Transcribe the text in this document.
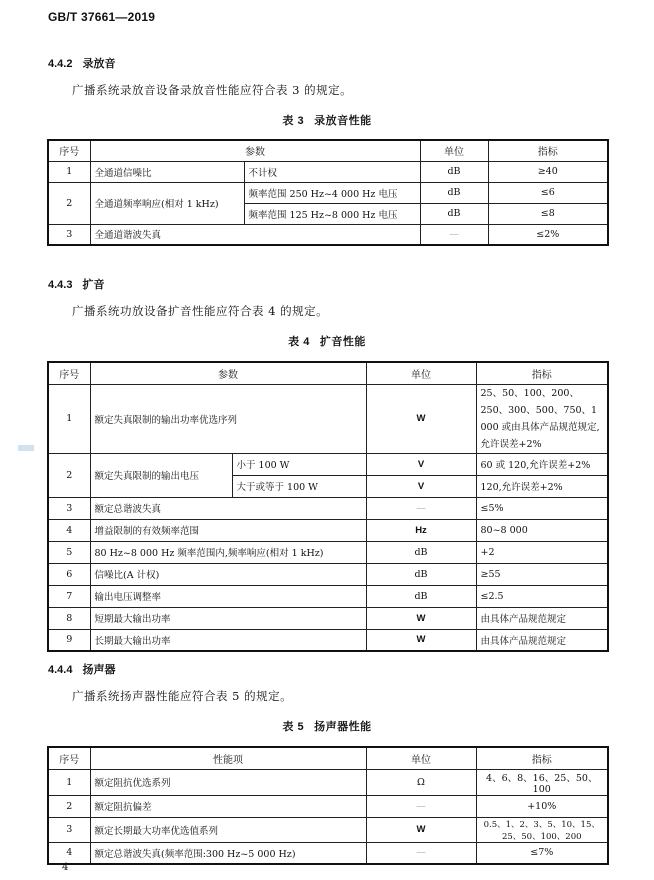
GB/T 37661—2019
4.4.2 录放音
广播系统录放音设备录放音性能应符合表 3 的规定。
表 3 录放音性能
序号	参数		单位	指标
1	全通道信噪比	不计权	dB	≥40
2	全通道频率响应(相对 1 kHz)	频率范围 250 Hz~4 000 Hz 电压	dB	≤6
		频率范围 125 Hz~8 000 Hz 电压	dB	≤8
3	全通道谐波失真		—	≤2%
4.4.3 扩音
广播系统功放设备扩音性能应符合表 4 的规定。
表 4 扩音性能
序号	参数		单位	指标
1	额定失真限制的输出功率优选序列		W	25、50、100、200、250、300、500、750、1 000 或由具体产品规范规定,允许误差+2%
2	额定失真限制的输出电压	小于 100 W	V	60 或 120,允许误差+2%
		大于或等于 100 W	V	120,允许误差+2%
3	额定总谐波失真		—	≤5%
4	增益限制的有效频率范围		Hz	80~8 000
5	80 Hz~8 000 Hz 频率范围内,频率响应(相对 1 kHz)		dB	+2
6	信噪比(A 计权)		dB	≥55
7	输出电压调整率		dB	≤2.5
8	短期最大输出功率		W	由具体产品规范规定
9	长期最大输出功率		W	由具体产品规范规定
4.4.4 扬声器
广播系统扬声器性能应符合表 5 的规定。
表 5 扬声器性能
序号	性能项	单位	指标
1	额定阻抗优选系列	Ω	4、6、8、16、25、50、100
2	额定阻抗偏差	—	+10%
3	额定长期最大功率优选值系列	W	0.5、1、2、3、5、10、15、25、50、100、200
4	额定总谐波失真(频率范围:300 Hz~5 000 Hz)	—	≤7%
4
